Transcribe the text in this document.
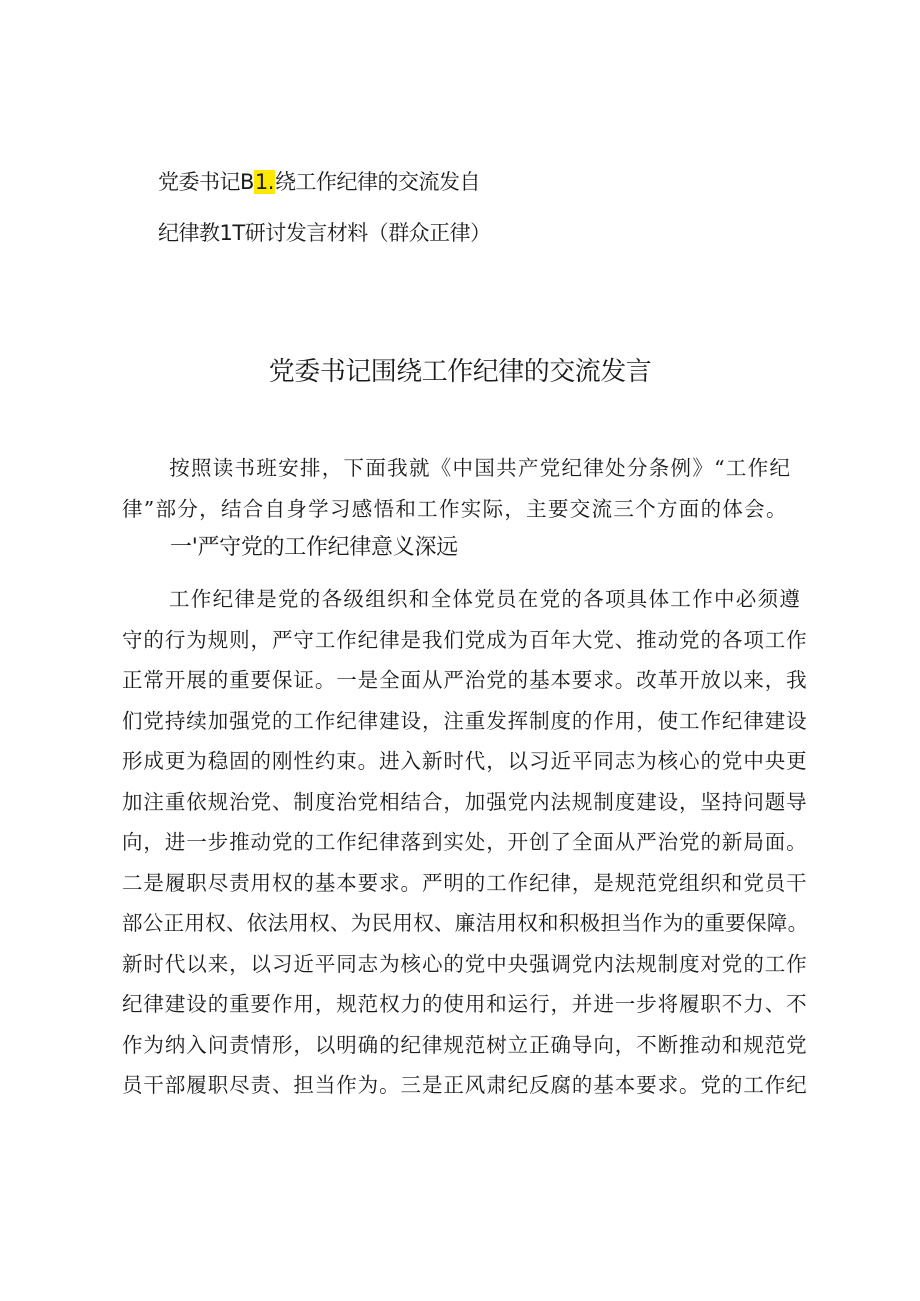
党委书记B1.绕工作纪律的交流发自
纪律教1T研讨发言材料（群众正律）
党委书记围绕工作纪律的交流发言
按照读书班安排，下面我就《中国共产党纪律处分条例》“工作纪
律”部分，结合自身学习感悟和工作实际，主要交流三个方面的体会。
一'严守党的工作纪律意义深远
工作纪律是党的各级组织和全体党员在党的各项具体工作中必须遵
守的行为规则，严守工作纪律是我们党成为百年大党、推动党的各项工作
正常开展的重要保证。一是全面从严治党的基本要求。改革开放以来，我
们党持续加强党的工作纪律建设，注重发挥制度的作用，使工作纪律建设
形成更为稳固的刚性约束。进入新时代，以习近平同志为核心的党中央更
加注重依规治党、制度治党相结合，加强党内法规制度建设，坚持问题导
向，进一步推动党的工作纪律落到实处，开创了全面从严治党的新局面。
二是履职尽责用权的基本要求。严明的工作纪律，是规范党组织和党员干
部公正用权、依法用权、为民用权、廉洁用权和积极担当作为的重要保障。
新时代以来，以习近平同志为核心的党中央强调党内法规制度对党的工作
纪律建设的重要作用，规范权力的使用和运行，并进一步将履职不力、不
作为纳入问责情形，以明确的纪律规范树立正确导向，不断推动和规范党
员干部履职尽责、担当作为。三是正风肃纪反腐的基本要求。党的工作纪
